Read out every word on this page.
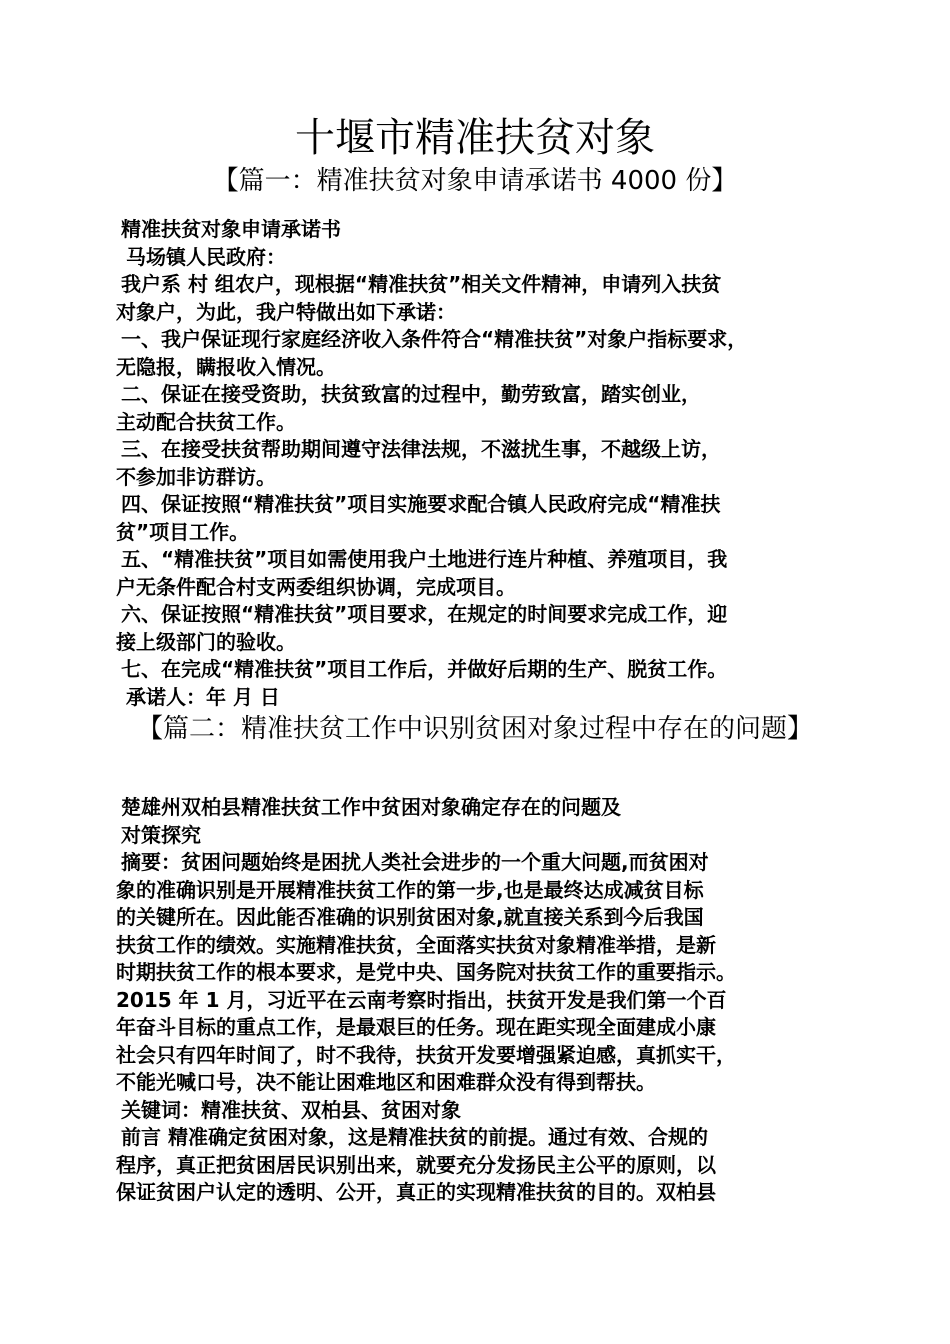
十堰市精准扶贫对象
【篇一：精准扶贫对象申请承诺书 4000 份】

精准扶贫对象申请承诺书

马场镇人民政府：

我户系 村 组农户，现根据“精准扶贫”相关文件精神，申请列入扶贫

对象户，为此，我户特做出如下承诺：

一、我户保证现行家庭经济收入条件符合“精准扶贫”对象户指标要求，

无隐报，瞒报收入情况。

二、保证在接受资助，扶贫致富的过程中，勤劳致富，踏实创业，

主动配合扶贫工作。

三、在接受扶贫帮助期间遵守法律法规，不滋扰生事，不越级上访，

不参加非访群访。

四、保证按照“精准扶贫”项目实施要求配合镇人民政府完成“精准扶

贫”项目工作。

五、“精准扶贫”项目如需使用我户土地进行连片种植、养殖项目，我

户无条件配合村支两委组织协调，完成项目。

六、保证按照“精准扶贫”项目要求，在规定的时间要求完成工作，迎

接上级部门的验收。

七、在完成“精准扶贫”项目工作后，并做好后期的生产、脱贫工作。

承诺人：年 月 日

【篇二：精准扶贫工作中识别贫困对象过程中存在的问题】

楚雄州双柏县精准扶贫工作中贫困对象确定存在的问题及

对策探究

摘要：贫困问题始终是困扰人类社会进步的一个重大问题,而贫困对

象的准确识别是开展精准扶贫工作的第一步,也是最终达成减贫目标

的关键所在。因此能否准确的识别贫困对象,就直接关系到今后我国

扶贫工作的绩效。实施精准扶贫，全面落实扶贫对象精准举措，是新

时期扶贫工作的根本要求，是党中央、国务院对扶贫工作的重要指示。

2015 年 1 月，习近平在云南考察时指出，扶贫开发是我们第一个百

年奋斗目标的重点工作，是最艰巨的任务。现在距实现全面建成小康

社会只有四年时间了，时不我待，扶贫开发要增强紧迫感，真抓实干，

不能光喊口号，决不能让困难地区和困难群众没有得到帮扶。

关键词：精准扶贫、双柏县、贫困对象

前言 精准确定贫困对象，这是精准扶贫的前提。通过有效、合规的

程序，真正把贫困居民识别出来，就要充分发扬民主公平的原则，以

保证贫困户认定的透明、公开，真正的实现精准扶贫的目的。双柏县
